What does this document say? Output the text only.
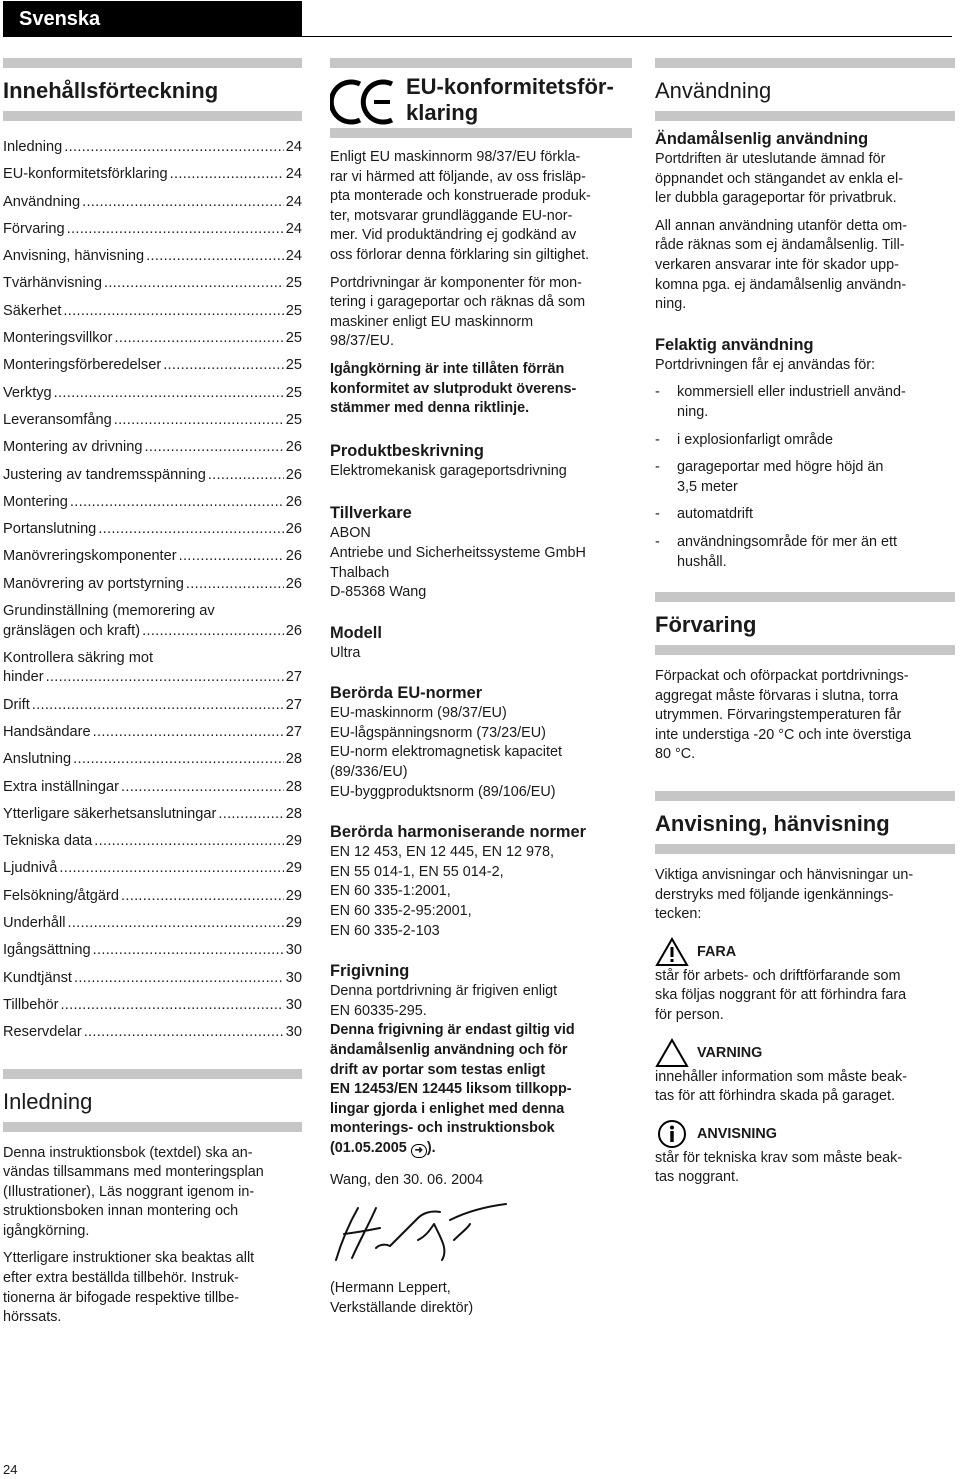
Svenska
Innehållsförteckning
Inledning .....	24
EU-konformitetsförklaring .....	24
Användning .....	24
Förvaring .....	24
Anvisning, hänvisning .....	24
Tvärhänvisning .....	25
Säkerhet .....	25
Monteringsvillkor .....	25
Monteringsförberedelser .....	25
Verktyg .....	25
Leveransomfång .....	25
Montering av drivning .....	26
Justering av tandremsspänning .....	26
Montering .....	26
Portanslutning .....	26
Manövreringskomponenter .....	26
Manövrering av portstyrning .....	26
Grundinställning (memorering av
gränslägen och kraft) .....	26
Kontrollera säkring mot
hinder .....	27
Drift .....	27
Handsändare .....	27
Anslutning .....	28
Extra inställningar .....	28
Ytterligare säkerhetsanslutningar .....	28
Tekniska data .....	29
Ljudnivå .....	29
Felsökning/åtgärd .....	29
Underhåll .....	29
Igångsättning .....	30
Kundtjänst .....	30
Tillbehör .....	30
Reservdelar .....	30
Inledning

Denna instruktionsbok (textdel) ska an-
vändas tillsammans med monteringsplan
(Illustrationer), Läs noggrant igenom in-
struktionsboken innan montering och
igångkörning.

Ytterligare instruktioner ska beaktas allt
efter extra beställda tillbehör. Instruk-
tionerna är bifogade respektive tillbe-
hörssats.

EU-konformitetsför-
klaring

Enligt EU maskinnorm 98/37/EU förkla-
rar vi härmed att följande, av oss frisläp-
pta monterade och konstruerade produk-
ter, motsvarar grundläggande EU-nor-
mer. Vid produktändring ej godkänd av
oss förlorar denna förklaring sin giltighet.

Portdrivningar är komponenter för mon-
tering i garageportar och räknas då som
maskiner enligt EU maskinnorm
98/37/EU.

Igångkörning är inte tillåten förrän
konformitet av slutprodukt överens-
stämmer med denna riktlinje.

Produktbeskrivning

Elektromekanisk garageportsdrivning

Tillverkare

ABON
Antriebe und Sicherheitssysteme GmbH
Thalbach
D-85368 Wang

Modell

Ultra

Berörda EU-normer

EU-maskinnorm (98/37/EU)
EU-lågspänningsnorm (73/23/EU)
EU-norm elektromagnetisk kapacitet
(89/336/EU)
EU-byggproduktsnorm (89/106/EU)

Berörda harmoniserande normer

EN 12 453, EN 12 445, EN 12 978,
EN 55 014-1, EN 55 014-2,
EN 60 335-1:2001,
EN 60 335-2-95:2001,
EN 60 335-2-103

Frigivning

Denna portdrivning är frigiven enligt
EN 60335-295.

Denna frigivning är endast giltig vid
ändamålsenlig användning och för
drift av portar som testas enligt
EN 12453/EN 12445 liksom tillkopp-
lingar gjorda i enlighet med denna
monterings- och instruktionsbok
(01.05.2005 ➜ ).

Wang, den 30. 06. 2004

(Hermann Leppert,
Verkställande direktör)

Användning
Ändamålsenlig användning

Portdriften är uteslutande ämnad för
öppnandet och stängandet av enkla el-
ler dubbla garageportar för privatbruk.

All annan användning utanför detta om-
råde räknas som ej ändamålsenlig. Till-
verkaren ansvarar inte för skador upp-
komna pga. ej ändamålsenlig användn-
ning.

Felaktig användning

Portdrivningen får ej användas för:

- kommersiell eller industriell använd-
ning.
- i explosionfarligt område
- garageportar med högre höjd än
3,5 meter
- automatdrift
- användningsområde för mer än ett
hushåll.
Förvaring

Förpackat och oförpackat portdrivnings-
aggregat måste förvaras i slutna, torra
utrymmen. Förvaringstemperaturen får
inte understiga -20 °C och inte överstiga
80 °C.

Anvisning, hänvisning

Viktiga anvisningar och hänvisningar un-
derstryks med följande igenkännings-
tecken:

FARA

står för arbets- och driftförfarande som
ska följas noggrant för att förhindra fara
för person.

VARNING

innehåller information som måste beak-
tas för att förhindra skada på garaget.

ANVISNING

står för tekniska krav som måste beak-
tas noggrant.

24
